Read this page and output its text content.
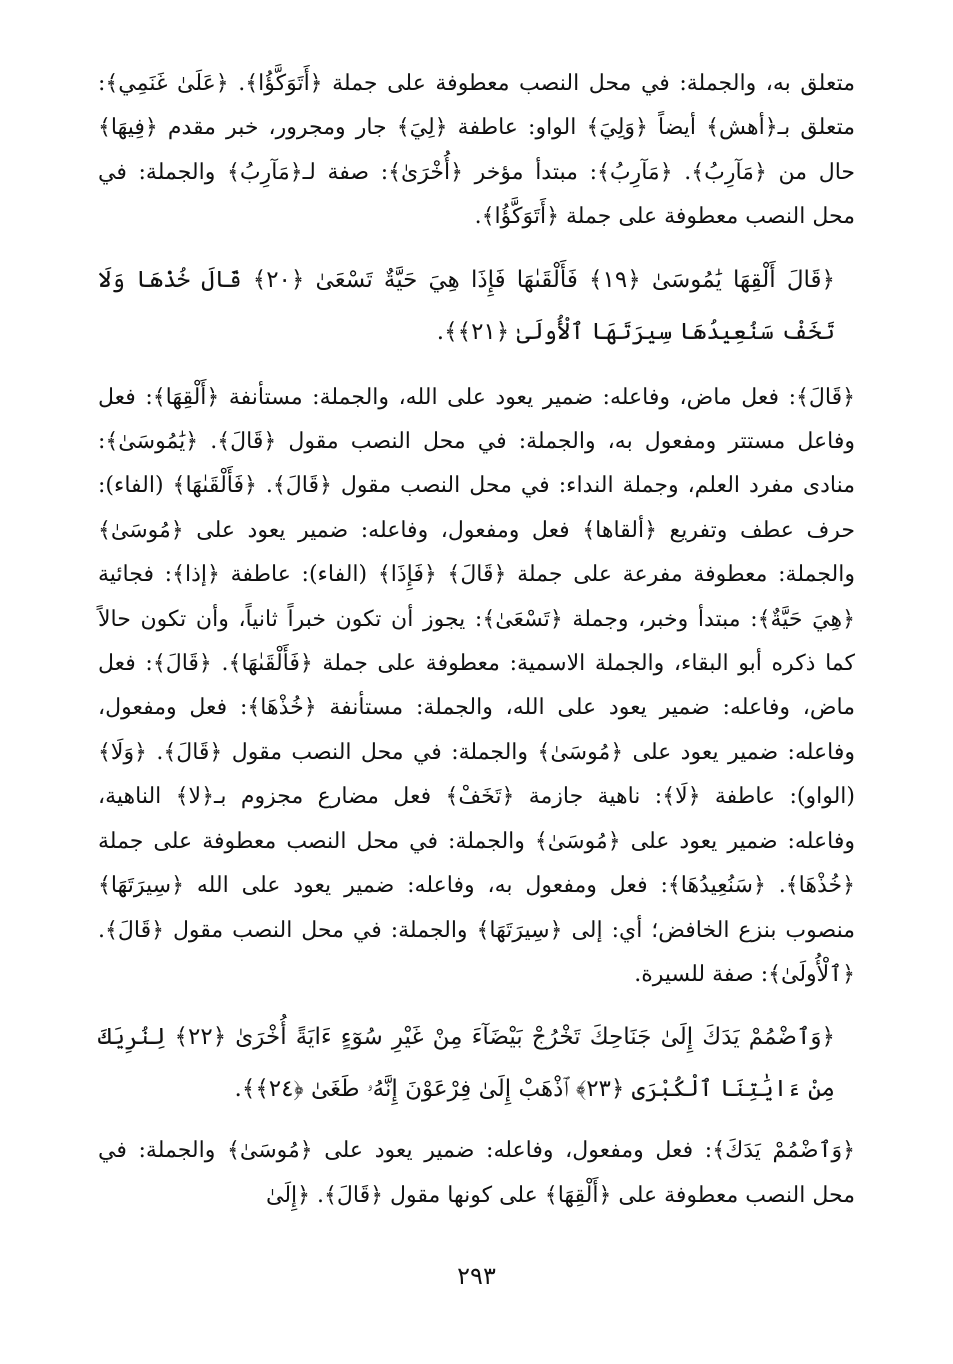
متعلق به، والجملة: في محل النصب معطوفة على جملة ﴿أَتَوَكَّؤُا﴾. ﴿عَلَىٰ غَنَمِي﴾: متعلق بـ﴿أهش﴾ أيضاً ﴿وَلِيَ﴾ الواو: عاطفة ﴿لِيَ﴾ جار ومجرور، خبر مقدم ﴿فِيهَا﴾ حال من ﴿مَآرِبُ﴾. ﴿مَآرِبُ﴾: مبتدأ مؤخر ﴿أُخْرَىٰ﴾: صفة لـ﴿مَآرِبُ﴾ والجملة: في محل النصب معطوفة على جملة ﴿أَتَوَكَّؤُا﴾.

﴿قَالَ أَلْقِهَا يَٰمُوسَىٰ ﴿١٩﴾ فَأَلْقَىٰهَا فَإِذَا هِيَ حَيَّةٌ تَسْعَىٰ ﴿٢٠﴾ قَالَ خُذْهَا وَلَا تَخَفْ سَنُعِيدُهَا سِيرَتَهَا ٱلْأُولَىٰ ﴿٢١﴾﴾.

﴿قَالَ﴾: فعل ماض، وفاعله: ضمير يعود على الله، والجملة: مستأنفة ﴿أَلْقِهَا﴾: فعل وفاعل مستتر ومفعول به، والجملة: في محل النصب مقول ﴿قَالَ﴾. ﴿يَٰمُوسَىٰ﴾: منادى مفرد العلم، وجملة النداء: في محل النصب مقول ﴿قَالَ﴾. ﴿فَأَلْقَىٰهَا﴾ (الفاء): حرف عطف وتفريع ﴿ألقاها﴾ فعل ومفعول، وفاعله: ضمير يعود على ﴿مُوسَىٰ﴾ والجملة: معطوفة مفرعة على جملة ﴿قَالَ﴾ ﴿فَإِذَا﴾ (الفاء): عاطفة ﴿إذا﴾: فجائية ﴿هِيَ حَيَّةٌ﴾: مبتدأ وخبر، وجملة ﴿تَسْعَىٰ﴾: يجوز أن تكون خبراً ثانياً، وأن تكون حالاً كما ذكره أبو البقاء، والجملة الاسمية: معطوفة على جملة ﴿فَأَلْقَىٰهَا﴾. ﴿قَالَ﴾: فعل ماض، وفاعله: ضمير يعود على الله، والجملة: مستأنفة ﴿خُذْهَا﴾: فعل ومفعول، وفاعله: ضمير يعود على ﴿مُوسَىٰ﴾ والجملة: في محل النصب مقول ﴿قَالَ﴾. ﴿وَلَا﴾ (الواو): عاطفة ﴿لَا﴾: ناهية جازمة ﴿تَخَفْ﴾ فعل مضارع مجزوم بـ﴿لا﴾ الناهية، وفاعله: ضمير يعود على ﴿مُوسَىٰ﴾ والجملة: في محل النصب معطوفة على جملة ﴿خُذْهَا﴾. ﴿سَنُعِيدُهَا﴾: فعل ومفعول به، وفاعله: ضمير يعود على الله ﴿سِيرَتَهَا﴾ منصوب بنزع الخافض؛ أي: إلى ﴿سِيرَتَهَا﴾ والجملة: في محل النصب مقول ﴿قَالَ﴾. ﴿ٱلْأُولَىٰ﴾: صفة للسيرة.

﴿وَٱضْمُمْ يَدَكَ إِلَىٰ جَنَاحِكَ تَخْرُجْ بَيْضَآءَ مِنْ غَيْرِ سُوٓءٍ ءَايَةً أُخْرَىٰ ﴿٢٢﴾ لِنُرِيَكَ مِنْ ءَايَٰتِنَا ٱلْكُبْرَى ﴿٢٣﴾ ٱذْهَبْ إِلَىٰ فِرْعَوْنَ إِنَّهُۥ طَغَىٰ ﴿٢٤﴾﴾.

﴿وَٱضْمُمْ يَدَكَ﴾: فعل ومفعول، وفاعله: ضمير يعود على ﴿مُوسَىٰ﴾ والجملة: في محل النصب معطوفة على ﴿أَلْقِهَا﴾ على كونها مقول ﴿قَالَ﴾. ﴿إِلَىٰ

٢٩٣
